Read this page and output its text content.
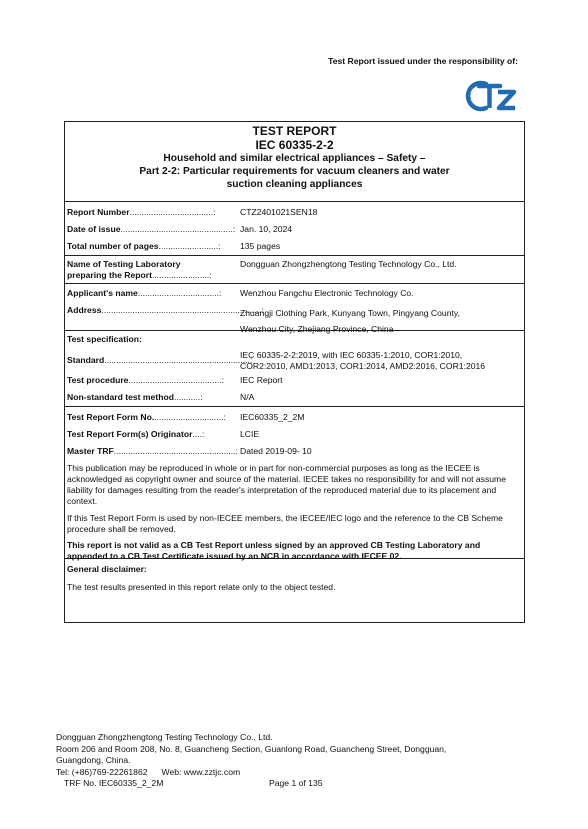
Test Report issued under the responsibility of:
TEST REPORT
IEC 60335-2-2
Household and similar electrical appliances – Safety –
Part 2-2: Particular requirements for vacuum cleaners and water
suction cleaning appliances
Report Number...................................:	CTZ2401021SEN18
Date of issue...............................................: Jan. 10, 2024
Total number of pages.........................:	135 pages
Name of Testing Laboratory
preparing the Report........................:
Dongguan Zhongzhengtong Testing Technology Co., Ltd.
Applicant's name..................................:	Wenzhou Fangchu Electronic Technology Co.
Address...................................................................:
Zhuangji Clothing Park, Kunyang Town, Pingyang County,
Wenzhou City, Zhejiang Province, China
Test specification:
Standard.............................................................:
IEC 60335-2-2:2019, with IEC 60335-1:2010, COR1:2010,
COR2:2010, AMD1:2013, COR1:2014, AMD2:2016, COR1:2016
Test procedure.......................................:	IEC Report
Non-standard test method...........:	N/A
Test Report Form No..............................:	IEC60335_2_2M
Test Report Form(s) Originator....:	LCIE
Master TRF...................................................: Dated 2019-09- 10
This publication may be reproduced in whole or in part for non-commercial purposes as long as the IECEE is acknowledged as copyright owner and source of the material. IECEE takes no responsibility for and will not assume liability for damages resulting from the reader's interpretation of the reproduced material due to its placement and context.
If this Test Report Form is used by non-IECEE members, the IECEE/IEC logo and the reference to the CB Scheme procedure shall be removed.
This report is not valid as a CB Test Report unless signed by an approved CB Testing Laboratory and appended to a CB Test Certificate issued by an NCB in accordance with IECEE 02.
General disclaimer:
The test results presented in this report relate only to the object tested.
Dongguan Zhongzhengtong Testing Technology Co., Ltd.
Room 206 and Room 208, No. 8, Guancheng Section, Guanlong Road, Guancheng Street, Dongguan,
Guangdong, China.
Tel: (+86)769-22261862 Web: www.zztjc.com
TRF No. IEC60335_2_2M	Page 1 of 135
